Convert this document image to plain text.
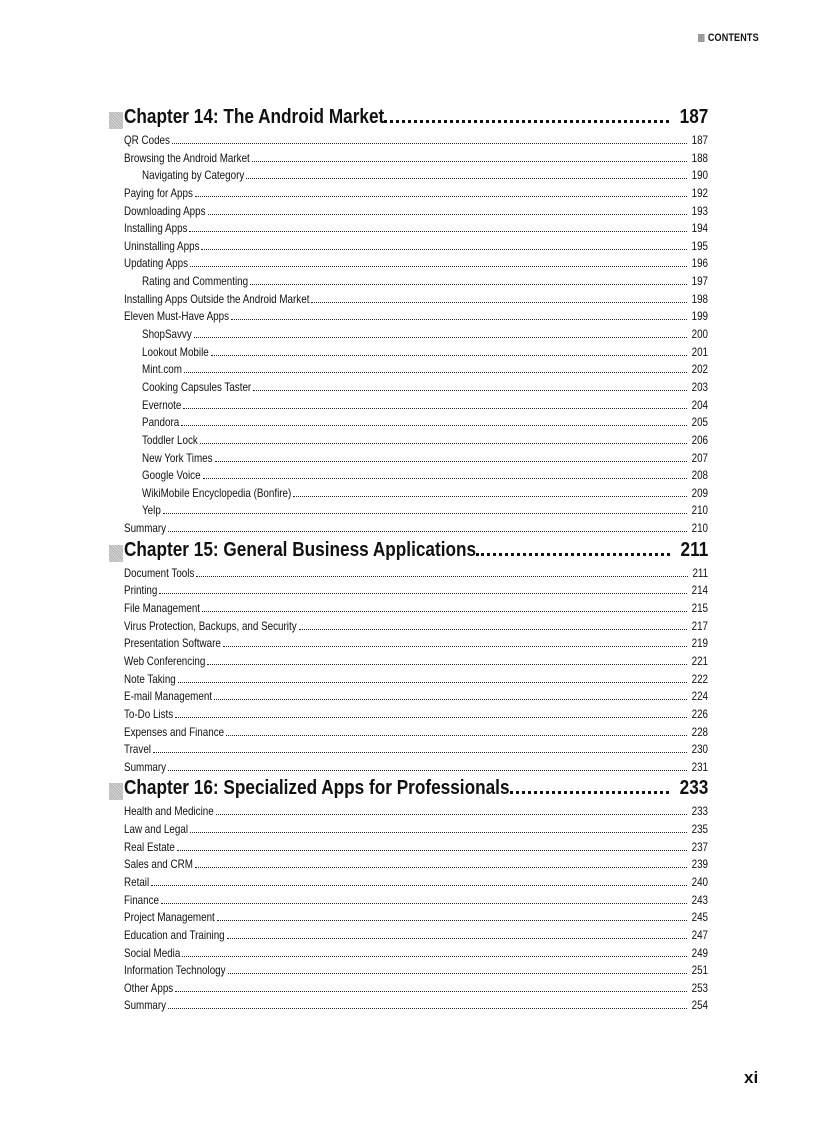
CONTENTS
Chapter 14: The Android Market	187
QR Codes	187
Browsing the Android Market	188
Navigating by Category	190
Paying for Apps	192
Downloading Apps	193
Installing Apps	194
Uninstalling Apps	195
Updating Apps	196
Rating and Commenting	197
Installing Apps Outside the Android Market	198
Eleven Must-Have Apps	199
ShopSavvy	200
Lookout Mobile	201
Mint.com	202
Cooking Capsules Taster	203
Evernote	204
Pandora	205
Toddler Lock	206
New York Times	207
Google Voice	208
WikiMobile Encyclopedia (Bonfire)	209
Yelp	210
Summary	210
Chapter 15: General Business Applications	211
Document Tools	211
Printing	214
File Management	215
Virus Protection, Backups, and Security	217
Presentation Software	219
Web Conferencing	221
Note Taking	222
E-mail Management	224
To-Do Lists	226
Expenses and Finance	228
Travel	230
Summary	231
Chapter 16: Specialized Apps for Professionals	233
Health and Medicine	233
Law and Legal	235
Real Estate	237
Sales and CRM	239
Retail	240
Finance	243
Project Management	245
Education and Training	247
Social Media	249
Information Technology	251
Other Apps	253
Summary	254
xi
